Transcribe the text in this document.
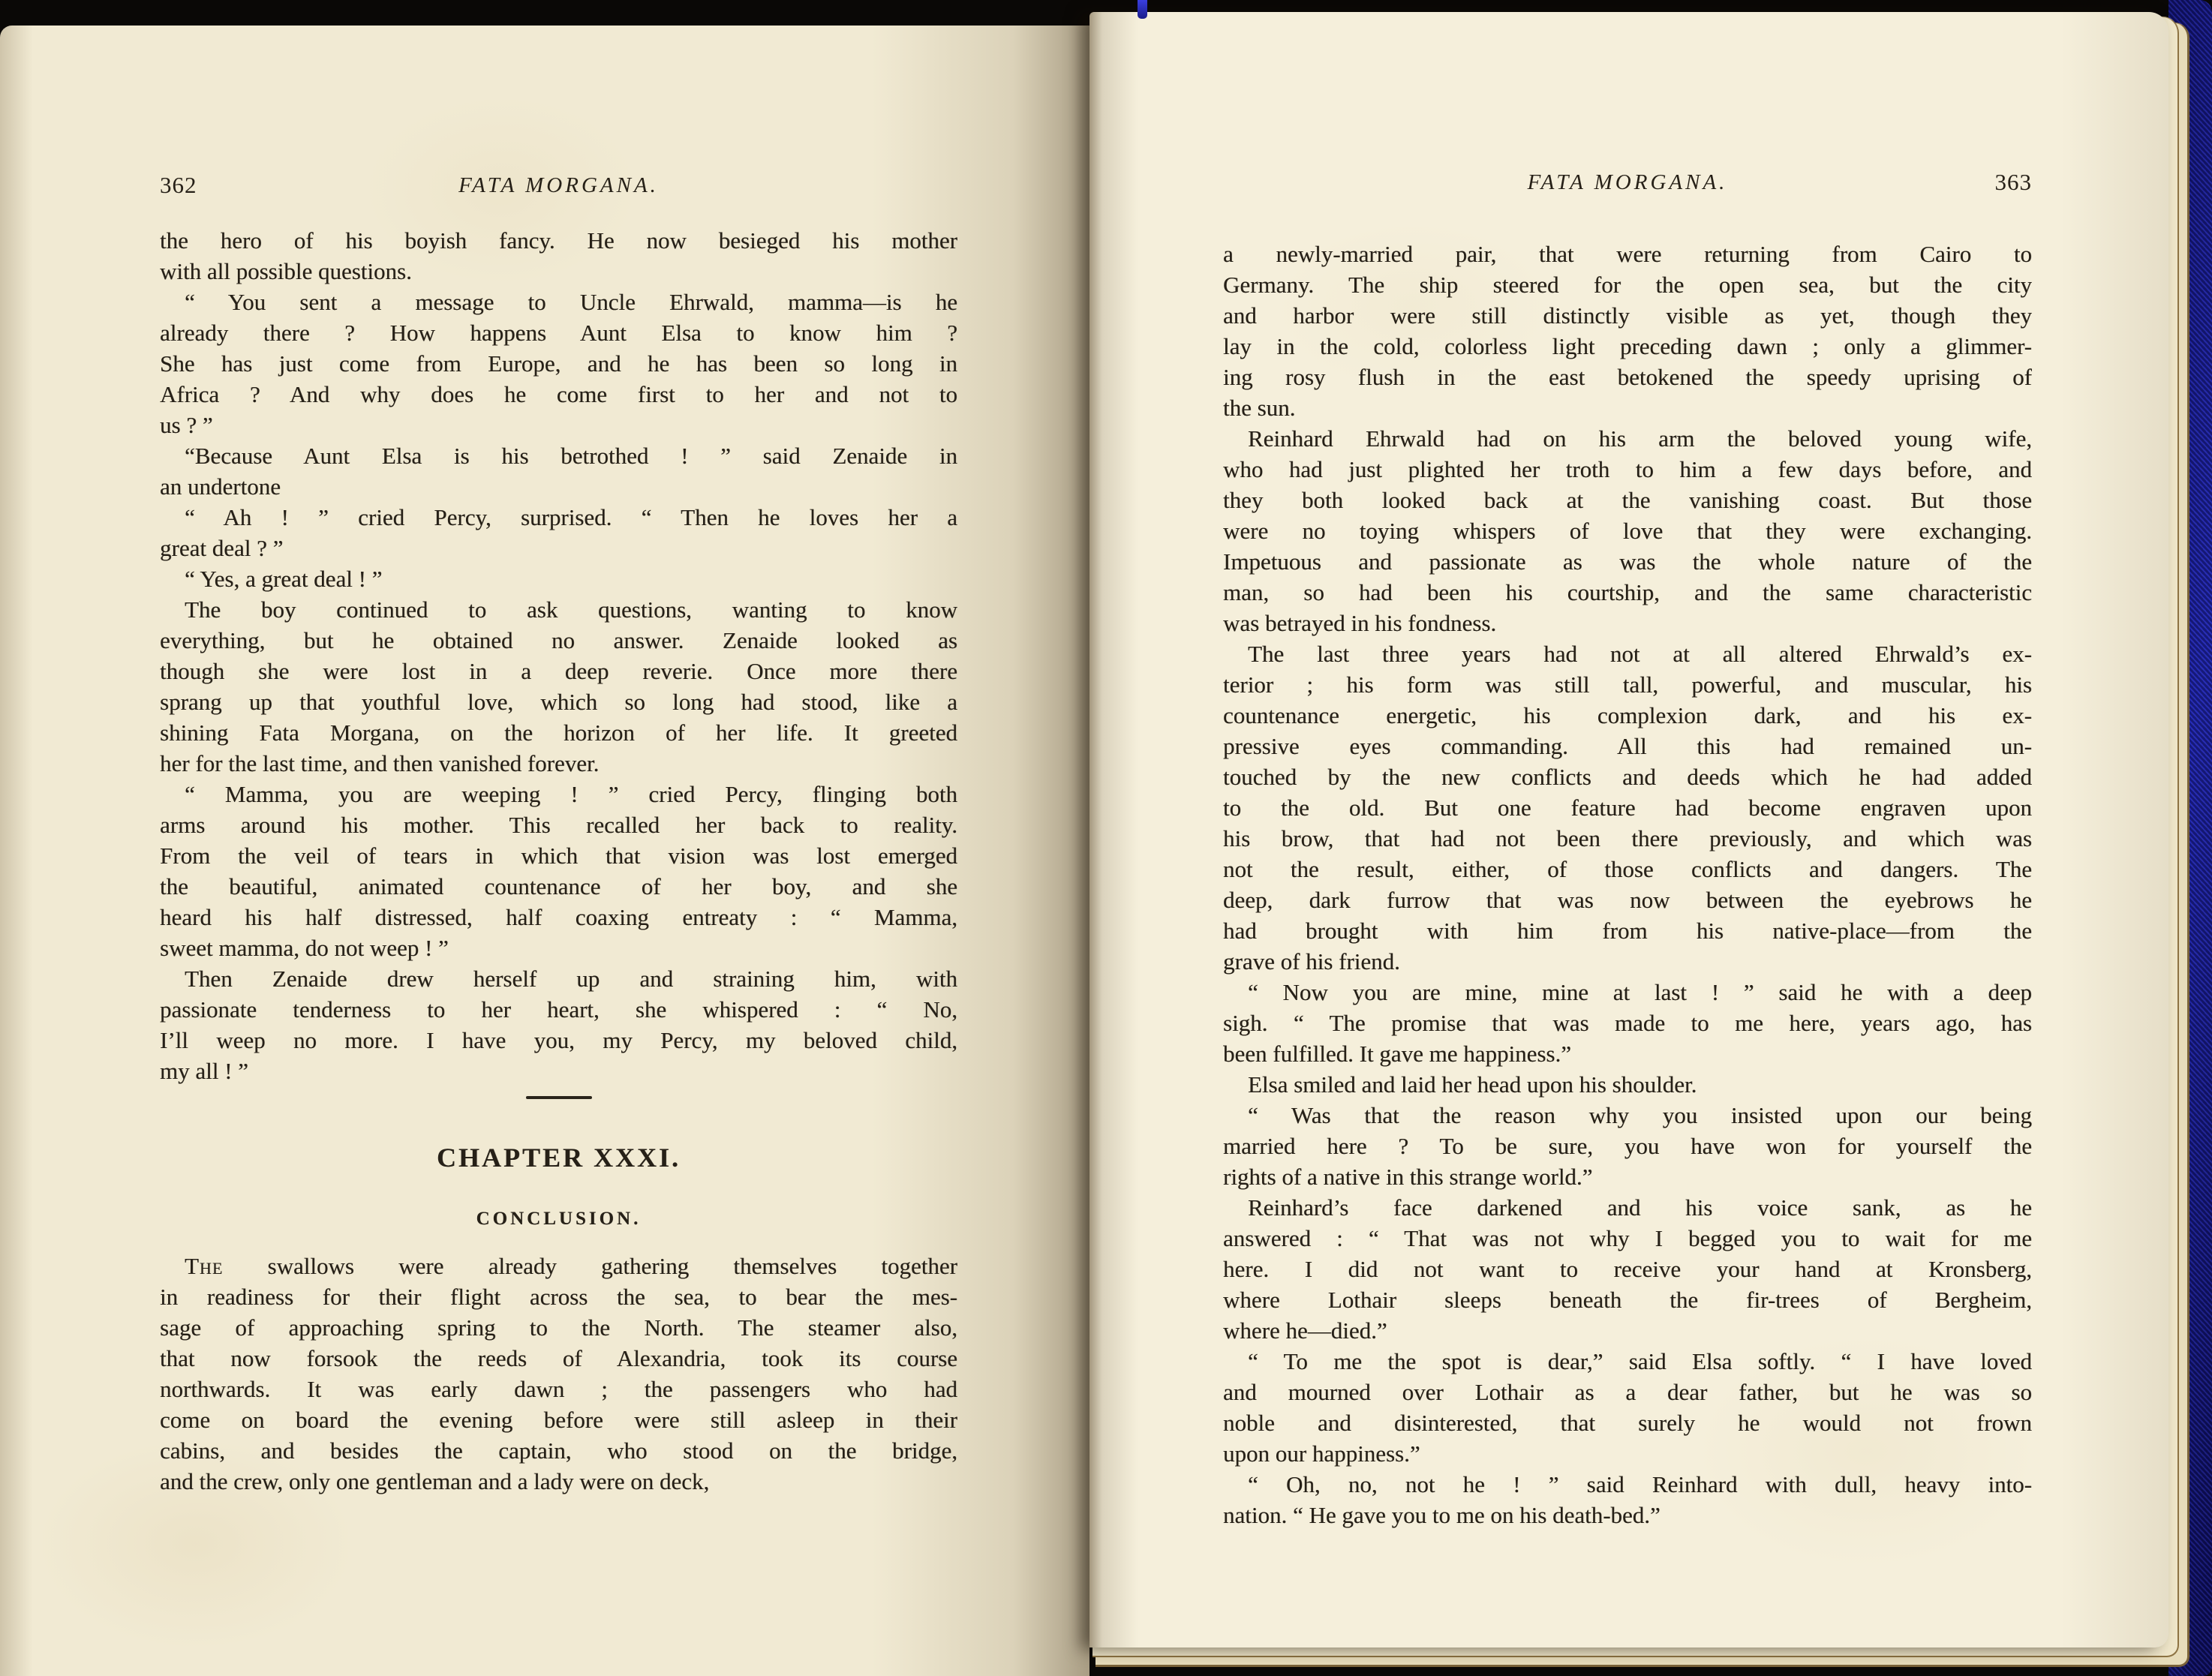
362	FATA MORGANA.
the hero of his boyish fancy. He now besieged his mother
with all possible questions.
“ You sent a message to Uncle Ehrwald, mamma—is he
already there ? How happens Aunt Elsa to know him ?
She has just come from Europe, and he has been so long in
Africa ? And why does he come first to her and not to
us ? ”
“Because Aunt Elsa is his betrothed ! ” said Zenaide in
an undertone
“ Ah ! ” cried Percy, surprised. “ Then he loves her a
great deal ? ”
“ Yes, a great deal ! ”
The boy continued to ask questions, wanting to know
everything, but he obtained no answer. Zenaide looked as
though she were lost in a deep reverie. Once more there
sprang up that youthful love, which so long had stood, like a
shining Fata Morgana, on the horizon of her life. It greeted
her for the last time, and then vanished forever.
“ Mamma, you are weeping ! ” cried Percy, flinging both
arms around his mother. This recalled her back to reality.
From the veil of tears in which that vision was lost emerged
the beautiful, animated countenance of her boy, and she
heard his half distressed, half coaxing entreaty : “ Mamma,
sweet mamma, do not weep ! ”
Then Zenaide drew herself up and straining him, with
passionate tenderness to her heart, she whispered : “ No,
I’ll weep no more. I have you, my Percy, my beloved child,
my all ! ”
CHAPTER XXXI.
CONCLUSION.
The swallows were already gathering themselves together
in readiness for their flight across the sea, to bear the mes-
sage of approaching spring to the North. The steamer also,
that now forsook the reeds of Alexandria, took its course
northwards. It was early dawn ; the passengers who had
come on board the evening before were still asleep in their
cabins, and besides the captain, who stood on the bridge,
and the crew, only one gentleman and a lady were on deck,
FATA MORGANA.	363
a newly-married pair, that were returning from Cairo to
Germany. The ship steered for the open sea, but the city
and harbor were still distinctly visible as yet, though they
lay in the cold, colorless light preceding dawn ; only a glimmer-
ing rosy flush in the east betokened the speedy uprising of
the sun.
Reinhard Ehrwald had on his arm the beloved young wife,
who had just plighted her troth to him a few days before, and
they both looked back at the vanishing coast. But those
were no toying whispers of love that they were exchanging.
Impetuous and passionate as was the whole nature of the
man, so had been his courtship, and the same characteristic
was betrayed in his fondness.
The last three years had not at all altered Ehrwald’s ex-
terior ; his form was still tall, powerful, and muscular, his
countenance energetic, his complexion dark, and his ex-
pressive eyes commanding. All this had remained un-
touched by the new conflicts and deeds which he had added
to the old. But one feature had become engraven upon
his brow, that had not been there previously, and which was
not the result, either, of those conflicts and dangers. The
deep, dark furrow that was now between the eyebrows he
had brought with him from his native-place—from the
grave of his friend.
“ Now you are mine, mine at last ! ” said he with a deep
sigh. “ The promise that was made to me here, years ago, has
been fulfilled. It gave me happiness.”
Elsa smiled and laid her head upon his shoulder.
“ Was that the reason why you insisted upon our being
married here ? To be sure, you have won for yourself the
rights of a native in this strange world.”
Reinhard’s face darkened and his voice sank, as he
answered : “ That was not why I begged you to wait for me
here. I did not want to receive your hand at Kronsberg,
where Lothair sleeps beneath the fir-trees of Bergheim,
where he—died.”
“ To me the spot is dear,” said Elsa softly. “ I have loved
and mourned over Lothair as a dear father, but he was so
noble and disinterested, that surely he would not frown
upon our happiness.”
“ Oh, no, not he ! ” said Reinhard with dull, heavy into-
nation. “ He gave you to me on his death-bed.”
